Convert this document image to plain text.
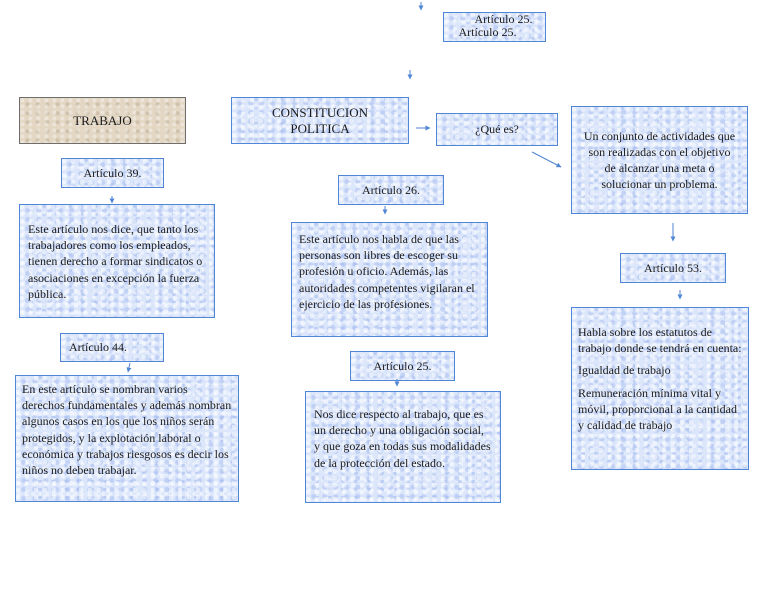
Artículo 25.
Artículo 25.
TRABAJO
CONSTITUCION POLITICA	¿Qué es?	Un conjunto de actividades que son realizadas con el objetivo de alcanzar una meta o solucionar un problema.
Artículo 39.
Este artículo nos dice, que tanto los trabajadores como los empleados, tienen derecho a formar sindicatos o asociaciones en excepción la fuerza pública.
Artículo 44.
En este artículo se nombran varios derechos fundamentales y además nombran algunos casos en los que los niños serán protegidos, y la explotación laboral o económica y trabajos riesgosos es decir los niños no deben trabajar.
Artículo 26.
Este artículo nos habla de que las personas son libres de escoger su profesión u oficio. Además, las autoridades competentes vigilaran el ejercicio de las profesiones.
Artículo 25.
Nos dice respecto al trabajo, que es un derecho y una obligación social, y que goza en todas sus modalidades de la protección del estado.
Artículo 53.

Habla sobre los estatutos de trabajo donde se tendrá en cuenta:

Igualdad de trabajo

Remuneración mínima vital y móvil, proporcional a la cantidad y calidad de trabajo
